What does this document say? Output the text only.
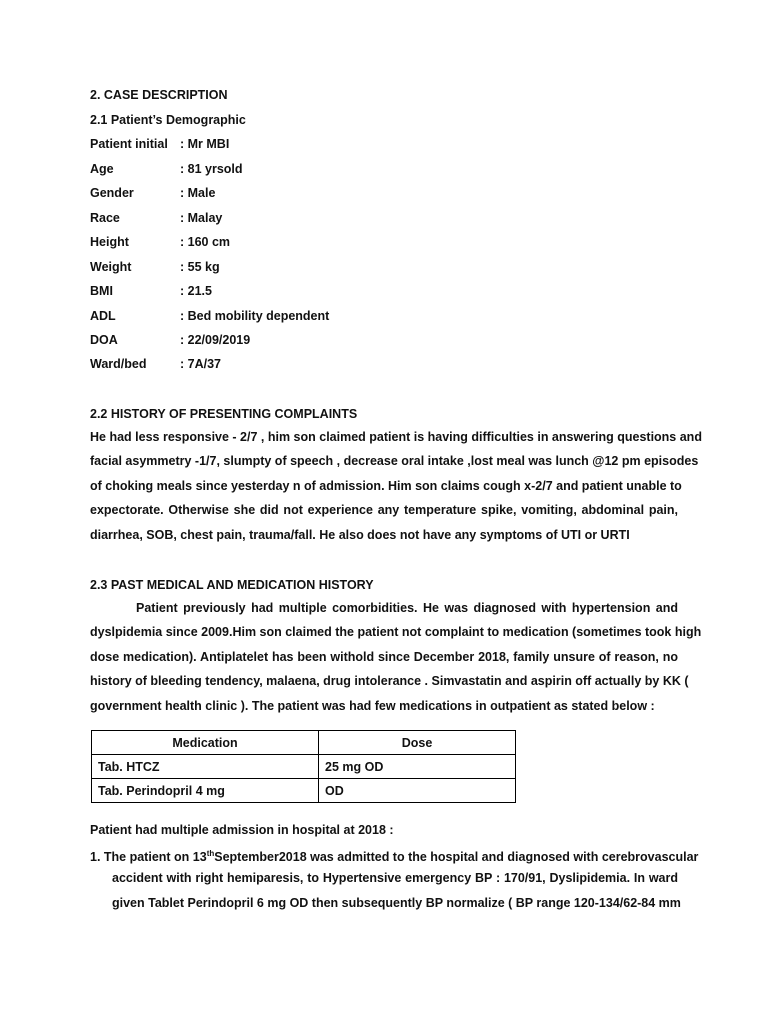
2. CASE DESCRIPTION
2.1 Patient’s Demographic
Patient initial : Mr MBI
Age	: 81 yrsold
Gender	: Male
Race	: Malay
Height	: 160 cm
Weight	: 55 kg
BMI	: 21.5
ADL	: Bed mobility dependent
DOA	: 22/09/2019
Ward/bed	: 7A/37
2.2 HISTORY OF PRESENTING COMPLAINTS
He had less responsive - 2/7 , him son claimed patient is having difficulties in answering questions and
facial asymmetry -1/7, slumpty of speech , decrease oral intake ,lost meal was lunch @12 pm episodes
of choking meals since yesterday n of admission. Him son claims cough x-2/7 and patient unable to
expectorate. Otherwise she did not experience any temperature spike, vomiting, abdominal pain,
diarrhea, SOB, chest pain, trauma/fall. He also does not have any symptoms of UTI or URTI
2.3 PAST MEDICAL AND MEDICATION HISTORY
Patient previously had multiple comorbidities. He was diagnosed with hypertension and
dyslpidemia since 2009.Him son claimed the patient not complaint to medication (sometimes took high
dose medication). Antiplatelet has been withold since December 2018, family unsure of reason, no
history of bleeding tendency, malaena, drug intolerance . Simvastatin and aspirin off actually by KK (
government health clinic ). The patient was had few medications in outpatient as stated below :
Medication	Dose
Tab. HTCZ	25 mg OD
Tab. Perindopril 4 mg	OD
Patient had multiple admission in hospital at 2018 :
1. The patient on 13thSeptember2018 was admitted to the hospital and diagnosed with cerebrovascular
accident with right hemiparesis, to Hypertensive emergency BP : 170/91, Dyslipidemia. In ward
given Tablet Perindopril 6 mg OD then subsequently BP normalize ( BP range 120-134/62-84 mm
